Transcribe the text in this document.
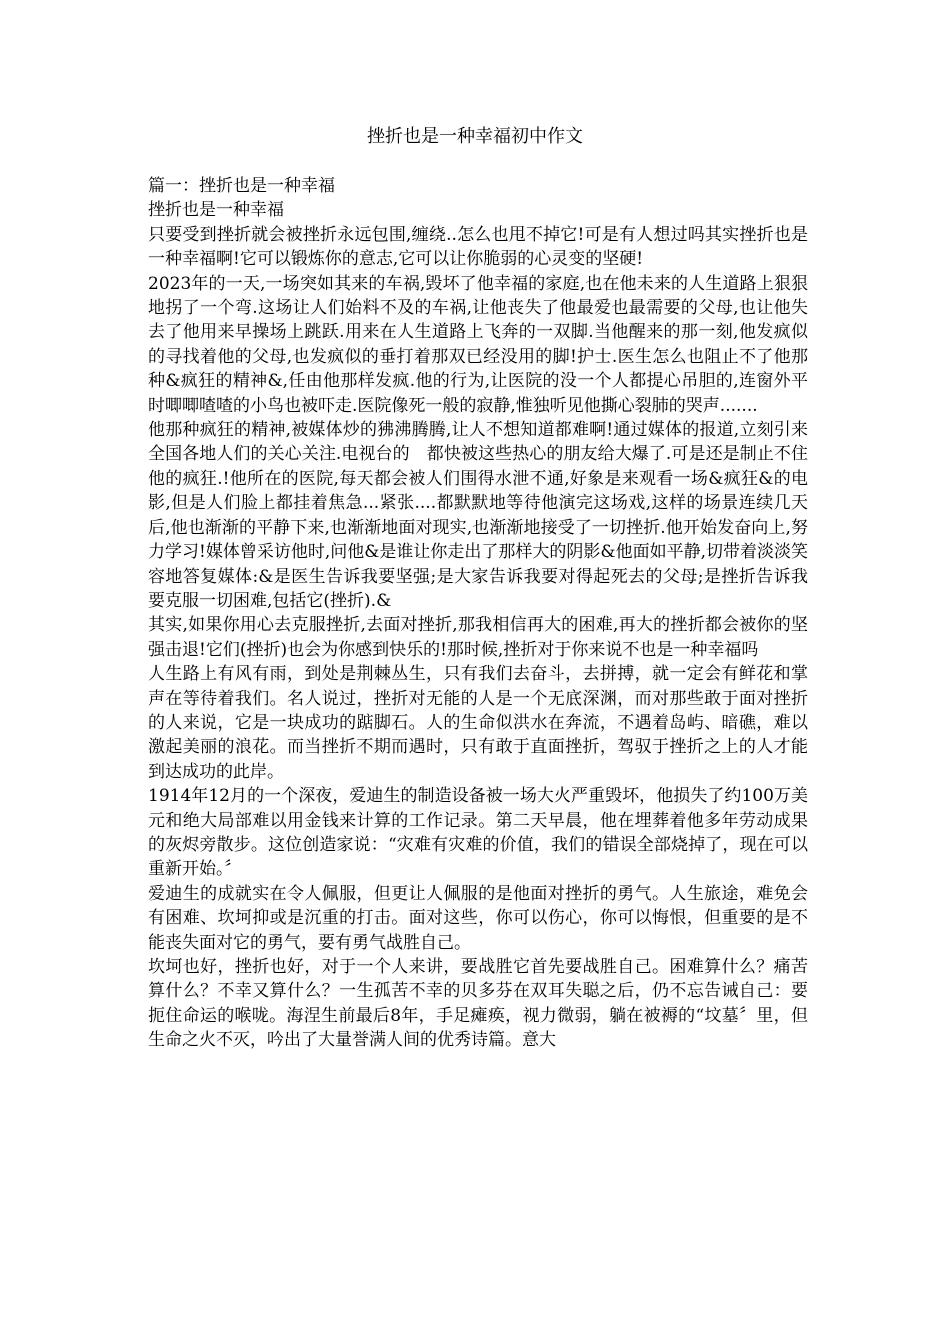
挫折也是一种幸福初中作文

篇一：挫折也是一种幸福

挫折也是一种幸福

只要受到挫折就会被挫折永远包围,缠绕..怎么也甩不掉它!可是有人想过吗其实挫折也是一种幸福啊!它可以锻炼你的意志,它可以让你脆弱的心灵变的坚硬!

2023年的一天,一场突如其来的车祸,毁坏了他幸福的家庭,也在他未来的人生道路上狠狠地拐了一个弯.这场让人们始料不及的车祸,让他丧失了他最爱也最需要的父母,也让他失去了他用来早操场上跳跃.用来在人生道路上飞奔的一双脚.当他醒来的那一刻,他发疯似的寻找着他的父母,也发疯似的垂打着那双已经没用的脚!护士.医生怎么也阻止不了他那种&疯狂的精神&,任由他那样发疯.他的行为,让医院的没一个人都提心吊胆的,连窗外平时唧唧喳喳的小鸟也被吓走.医院像死一般的寂静,惟独听见他撕心裂肺的哭声.......

他那种疯狂的精神,被媒体炒的狒沸腾腾,让人不想知道都难啊!通过媒体的报道,立刻引来全国各地人们的关心关注.电视台的　都快被这些热心的朋友给大爆了.可是还是制止不住他的疯狂.!他所在的医院,每天都会被人们围得水泄不通,好象是来观看一场&疯狂&的电影,但是人们脸上都挂着焦急...紧张....都默默地等待他演完这场戏,这样的场景连续几天后,他也渐渐的平静下来,也渐渐地面对现实,也渐渐地接受了一切挫折.他开始发奋向上,努力学习!媒体曾采访他时,问他&是谁让你走出了那样大的阴影&他面如平静,切带着淡淡笑容地答复媒体:&是医生告诉我要坚强;是大家告诉我要对得起死去的父母;是挫折告诉我要克服一切困难,包括它(挫折).&

其实,如果你用心去克服挫折,去面对挫折,那我相信再大的困难,再大的挫折都会被你的坚强击退!它们(挫折)也会为你感到快乐的!那时候,挫折对于你来说不也是一种幸福吗

人生路上有风有雨，到处是荆棘丛生，只有我们去奋斗，去拼搏，就一定会有鲜花和掌声在等待着我们。名人说过，挫折对无能的人是一个无底深渊，而对那些敢于面对挫折的人来说，它是一块成功的踮脚石。人的生命似洪水在奔流，不遇着岛屿、暗礁，难以激起美丽的浪花。而当挫折不期而遇时，只有敢于直面挫折，驾驭于挫折之上的人才能到达成功的此岸。

1914年12月的一个深夜，爱迪生的制造设备被一场大火严重毁坏，他损失了约100万美元和绝大局部难以用金钱来计算的工作记录。第二天早晨，他在埋葬着他多年劳动成果的灰烬旁散步。这位创造家说：“灾难有灾难的价值，我们的错误全部烧掉了，现在可以重新开始。〞

爱迪生的成就实在令人佩服，但更让人佩服的是他面对挫折的勇气。人生旅途，难免会有困难、坎坷抑或是沉重的打击。面对这些，你可以伤心，你可以悔恨，但重要的是不能丧失面对它的勇气，要有勇气战胜自己。

坎坷也好，挫折也好，对于一个人来讲，要战胜它首先要战胜自己。困难算什么？痛苦算什么？不幸又算什么？一生孤苦不幸的贝多芬在双耳失聪之后，仍不忘告诫自己：要扼住命运的喉咙。海涅生前最后8年，手足瘫痪，视力微弱，躺在被褥的“坟墓〞里，但生命之火不灭，吟出了大量誉满人间的优秀诗篇。意大
